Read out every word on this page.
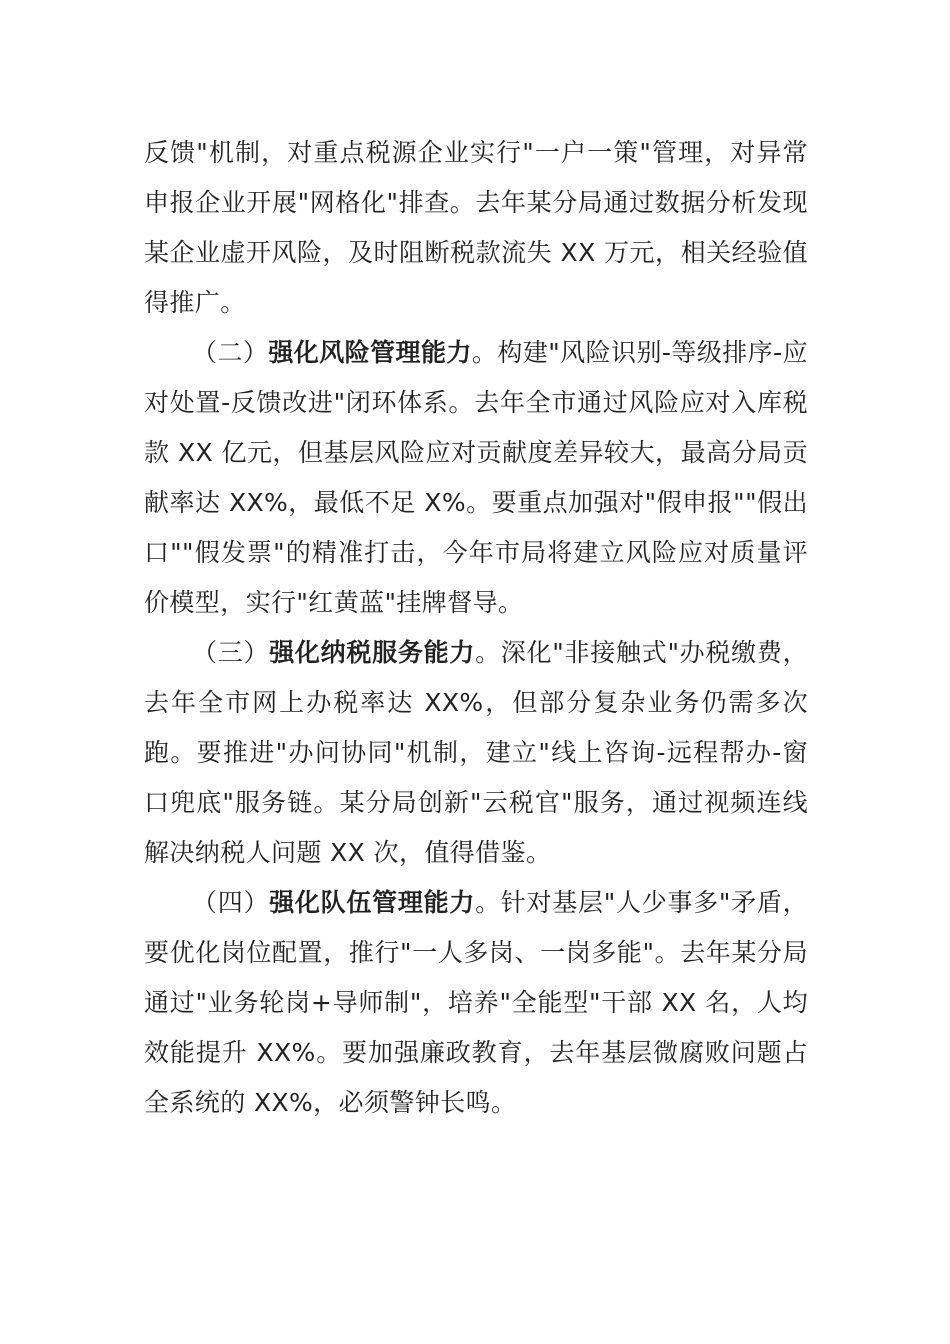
反馈"机制，对重点税源企业实行"一户一策"管理，对异常申报企业开展"网格化"排查。去年某分局通过数据分析发现某企业虚开风险，及时阻断税款流失 XX 万元，相关经验值得推广。

（二）强化风险管理能力。构建"风险识别-等级排序-应对处置-反馈改进"闭环体系。去年全市通过风险应对入库税款 XX 亿元，但基层风险应对贡献度差异较大，最高分局贡献率达 XX%，最低不足 X%。要重点加强对"假申报""假出口""假发票"的精准打击，今年市局将建立风险应对质量评价模型，实行"红黄蓝"挂牌督导。

（三）强化纳税服务能力。深化"非接触式"办税缴费，去年全市网上办税率达 XX%，但部分复杂业务仍需多次跑。要推进"办问协同"机制，建立"线上咨询-远程帮办-窗口兜底"服务链。某分局创新"云税官"服务，通过视频连线解决纳税人问题 XX 次，值得借鉴。

（四）强化队伍管理能力。针对基层"人少事多"矛盾，要优化岗位配置，推行"一人多岗、一岗多能"。去年某分局通过"业务轮岗+导师制"，培养"全能型"干部 XX 名，人均效能提升 XX%。要加强廉政教育，去年基层微腐败问题占全系统的 XX%，必须警钟长鸣。
